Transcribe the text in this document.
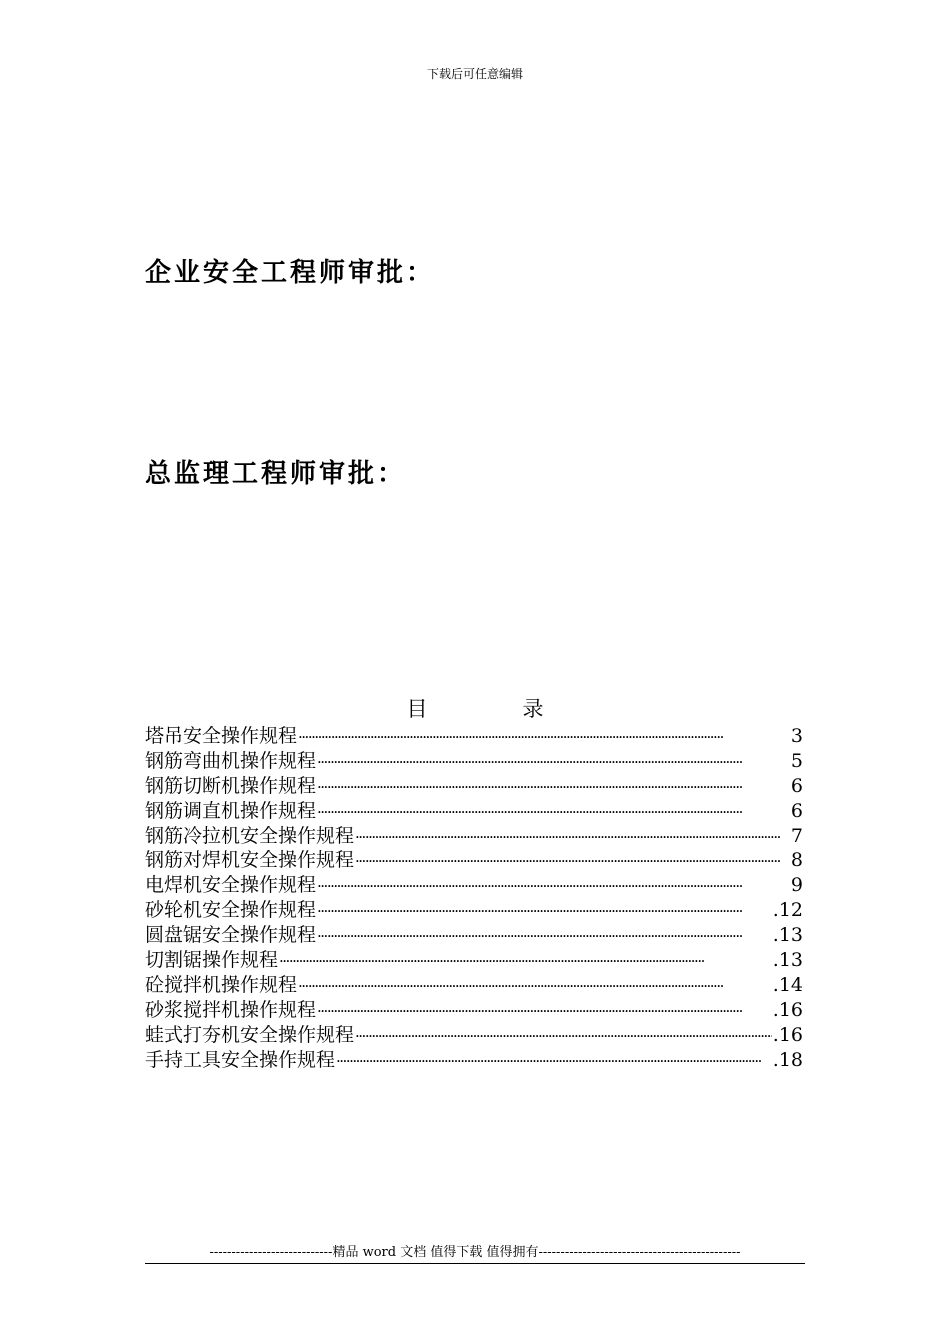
下载后可任意编辑
企业安全工程师审批：
总监理工程师审批：
目	录
塔吊安全操作规程 ·····	3
钢筋弯曲机操作规程 ·····	5
钢筋切断机操作规程 ·····	6
钢筋调直机操作规程 ·····	6
钢筋冷拉机安全操作规程 ·····	7
钢筋对焊机安全操作规程 ·····	8
电焊机安全操作规程 ·····	9
砂轮机安全操作规程 ·····	.12
圆盘锯安全操作规程 ·····	.13
切割锯操作规程 ·····	.13
砼搅拌机操作规程 ·····	.14
砂浆搅拌机操作规程 ·····	.16
蛙式打夯机安全操作规程 ·····	.16
手持工具安全操作规程 ·····	.18
----------------------------精品 word 文档 值得下载 值得拥有----------------------------------------------
